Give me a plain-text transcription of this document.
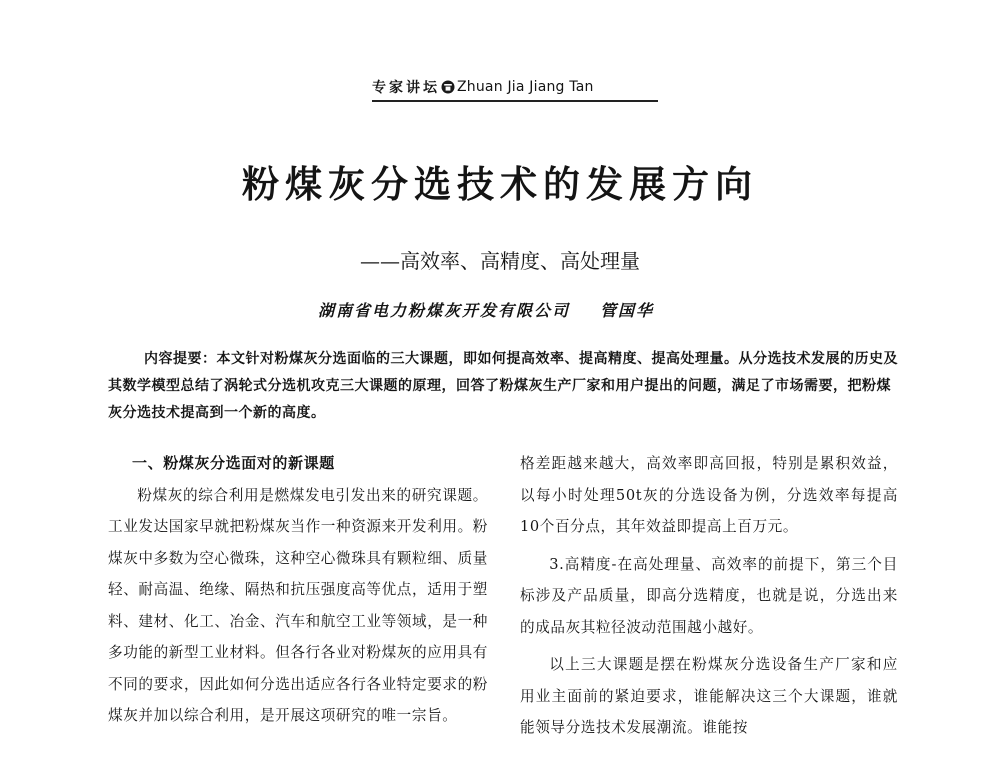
专家讲坛 Zhuan Jia Jiang Tan
粉煤灰分选技术的发展方向
——高效率、高精度、高处理量
湖南省电力粉煤灰开发有限公司 管国华
内容提要：本文针对粉煤灰分选面临的三大课题，即如何提高效率、提高精度、提高处理量。从分选技术发展的历史及其数学模型总结了涡轮式分选机攻克三大课题的原理，回答了粉煤灰生产厂家和用户提出的问题，满足了市场需要，把粉煤灰分选技术提高到一个新的高度。
一、粉煤灰分选面对的新课题

粉煤灰的综合利用是燃煤发电引发出来的研究课题。工业发达国家早就把粉煤灰当作一种资源来开发利用。粉煤灰中多数为空心微珠，这种空心微珠具有颗粒细、质量轻、耐高温、绝缘、隔热和抗压强度高等优点，适用于塑料、建材、化工、冶金、汽车和航空工业等领域，是一种多功能的新型工业材料。但各行各业对粉煤灰的应用具有不同的要求，因此如何分选出适应各行各业特定要求的粉煤灰并加以综合利用，是开展这项研究的唯一宗旨。

格差距越来越大，高效率即高回报，特别是累积效益，以每小时处理50t灰的分选设备为例，分选效率每提高10个百分点，其年效益即提高上百万元。

3.高精度-在高处理量、高效率的前提下，第三个目标涉及产品质量，即高分选精度，也就是说，分选出来的成品灰其粒径波动范围越小越好。

以上三大课题是摆在粉煤灰分选设备生产厂家和应用业主面前的紧迫要求，谁能解决这三个大课题，谁就能领导分选技术发展潮流。谁能按
